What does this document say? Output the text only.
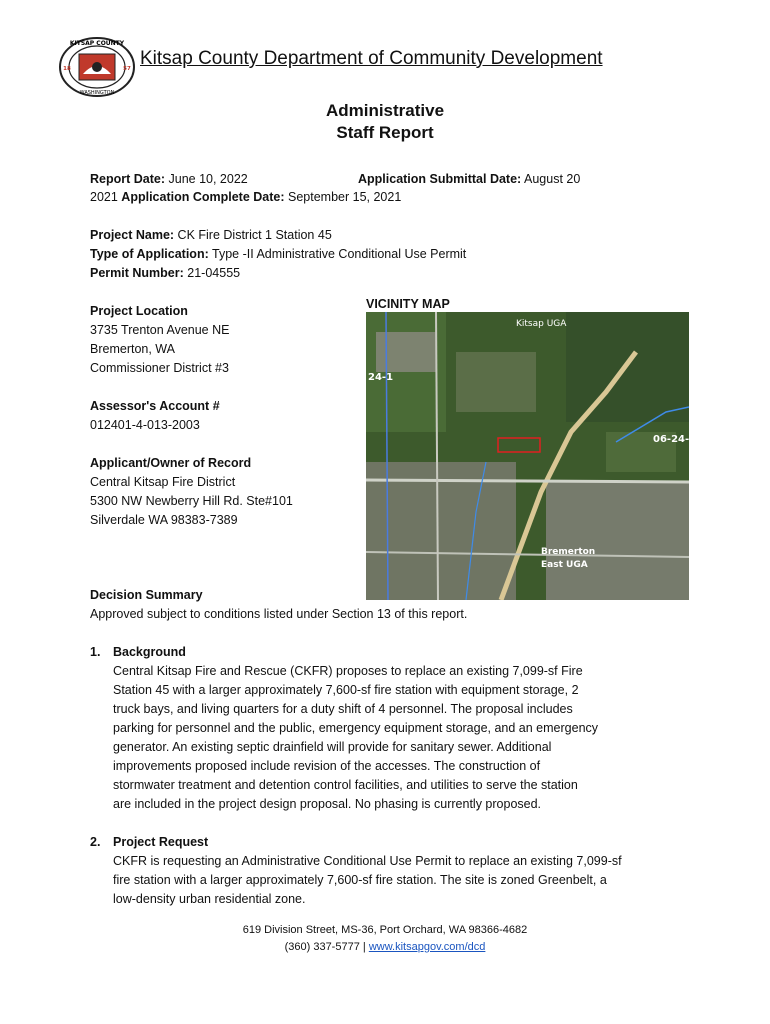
KITSAP COUNTY
WASHINGTON
18	57 Kitsap County Department of Community Development
Administrative
Staff Report
Report Date: June 10, 2022	Application Submittal Date: August 20
2021 Application Complete Date: September 15, 2021
Project Name: CK Fire District 1 Station 45
Type of Application: Type -II Administrative Conditional Use Permit
Permit Number: 21-04555
Project Location
3735 Trenton Avenue NE
Bremerton, WA
Commissioner District #3
Assessor's Account #
012401-4-013-2003
Applicant/Owner of Record
Central Kitsap Fire District
5300 NW Newberry Hill Rd. Ste#101
Silverdale WA 98383-7389
VICINITY MAP
Kitsap UGA
24-1
06-24-
Bremerton
East UGA
Decision Summary
Approved subject to conditions listed under Section 13 of this report.
1. Background
Central Kitsap Fire and Rescue (CKFR) proposes to replace an existing 7,099-sf Fire
Station 45 with a larger approximately 7,600-sf fire station with equipment storage, 2
truck bays, and living quarters for a duty shift of 4 personnel. The proposal includes
parking for personnel and the public, emergency equipment storage, and an emergency
generator. An existing septic drainfield will provide for sanitary sewer. Additional
improvements proposed include revision of the accesses. The construction of
stormwater treatment and detention control facilities, and utilities to serve the station
are included in the project design proposal. No phasing is currently proposed.
2. Project Request
CKFR is requesting an Administrative Conditional Use Permit to replace an existing 7,099-sf
fire station with a larger approximately 7,600-sf fire station. The site is zoned Greenbelt, a
low-density urban residential zone.
619 Division Street, MS-36, Port Orchard, WA 98366-4682
(360) 337-5777 | www.kitsapgov.com/dcd
